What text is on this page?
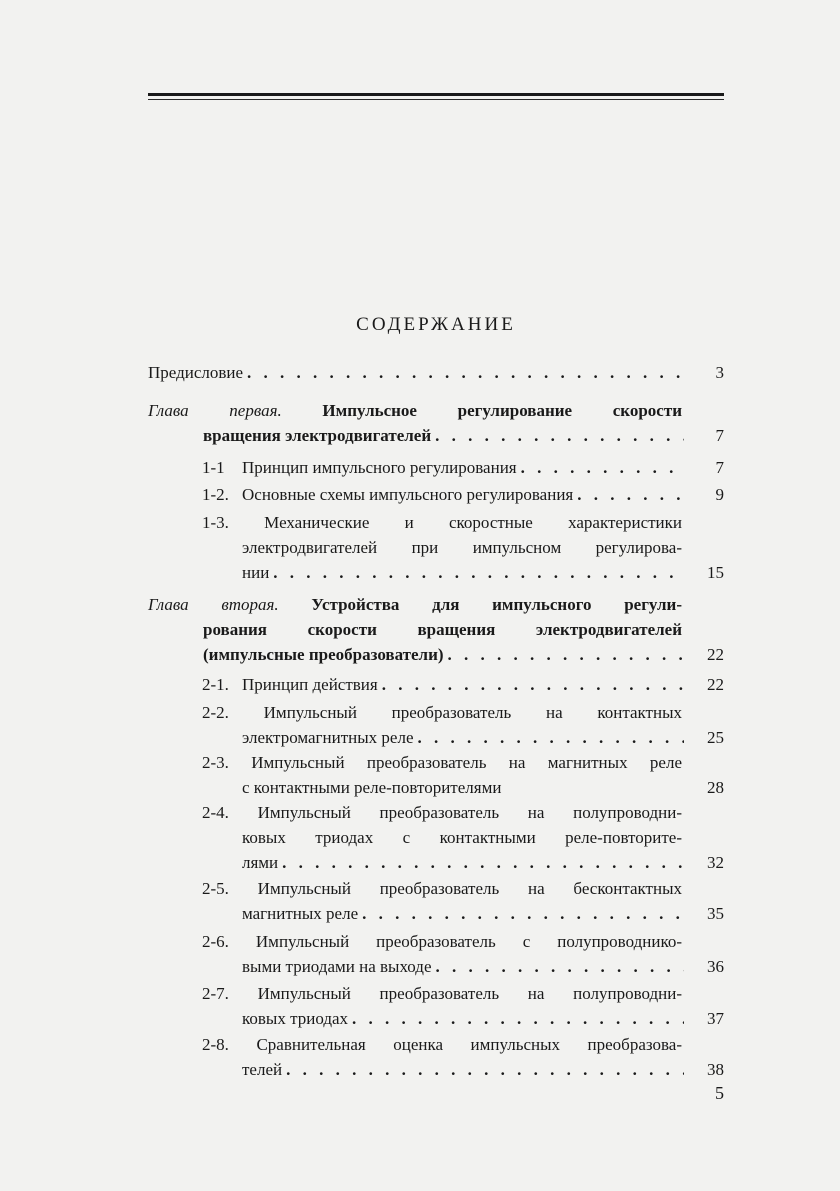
СОДЕРЖАНИЕ
Предисловие . . .	3
Глава первая. Импульсное регулирование скорости
вращения электродвигателей . . .	7
1-1 Принцип импульсного регулирования . . .	7
1-2. Основные схемы импульсного регулирования . . .	9
1-3. Механические и скоростные характеристики
электродвигателей при импульсном регулирова-
нии . . .	15
Глава вторая. Устройства для импульсного регули-
рования скорости вращения электродвигателей
(импульсные преобразователи) . . .	22
2-1. Принцип действия . . .	22
2-2. Импульсный преобразователь на контактных
электромагнитных реле . . .	25
2-3. Импульсный преобразователь на магнитных реле
с контактными реле-повторителями	28
2-4. Импульсный преобразователь на полупроводни-
ковых триодах с контактными реле-повторите-
лями . . .	32
2-5. Импульсный преобразователь на бесконтактных
магнитных реле . . .	35
2-6. Импульсный преобразователь с полупроводнико-
выми триодами на выходе . . .	36
2-7. Импульсный преобразователь на полупроводни-
ковых триодах . . .	37
2-8. Сравнительная оценка импульсных преобразова-
телей . . .	38
5
